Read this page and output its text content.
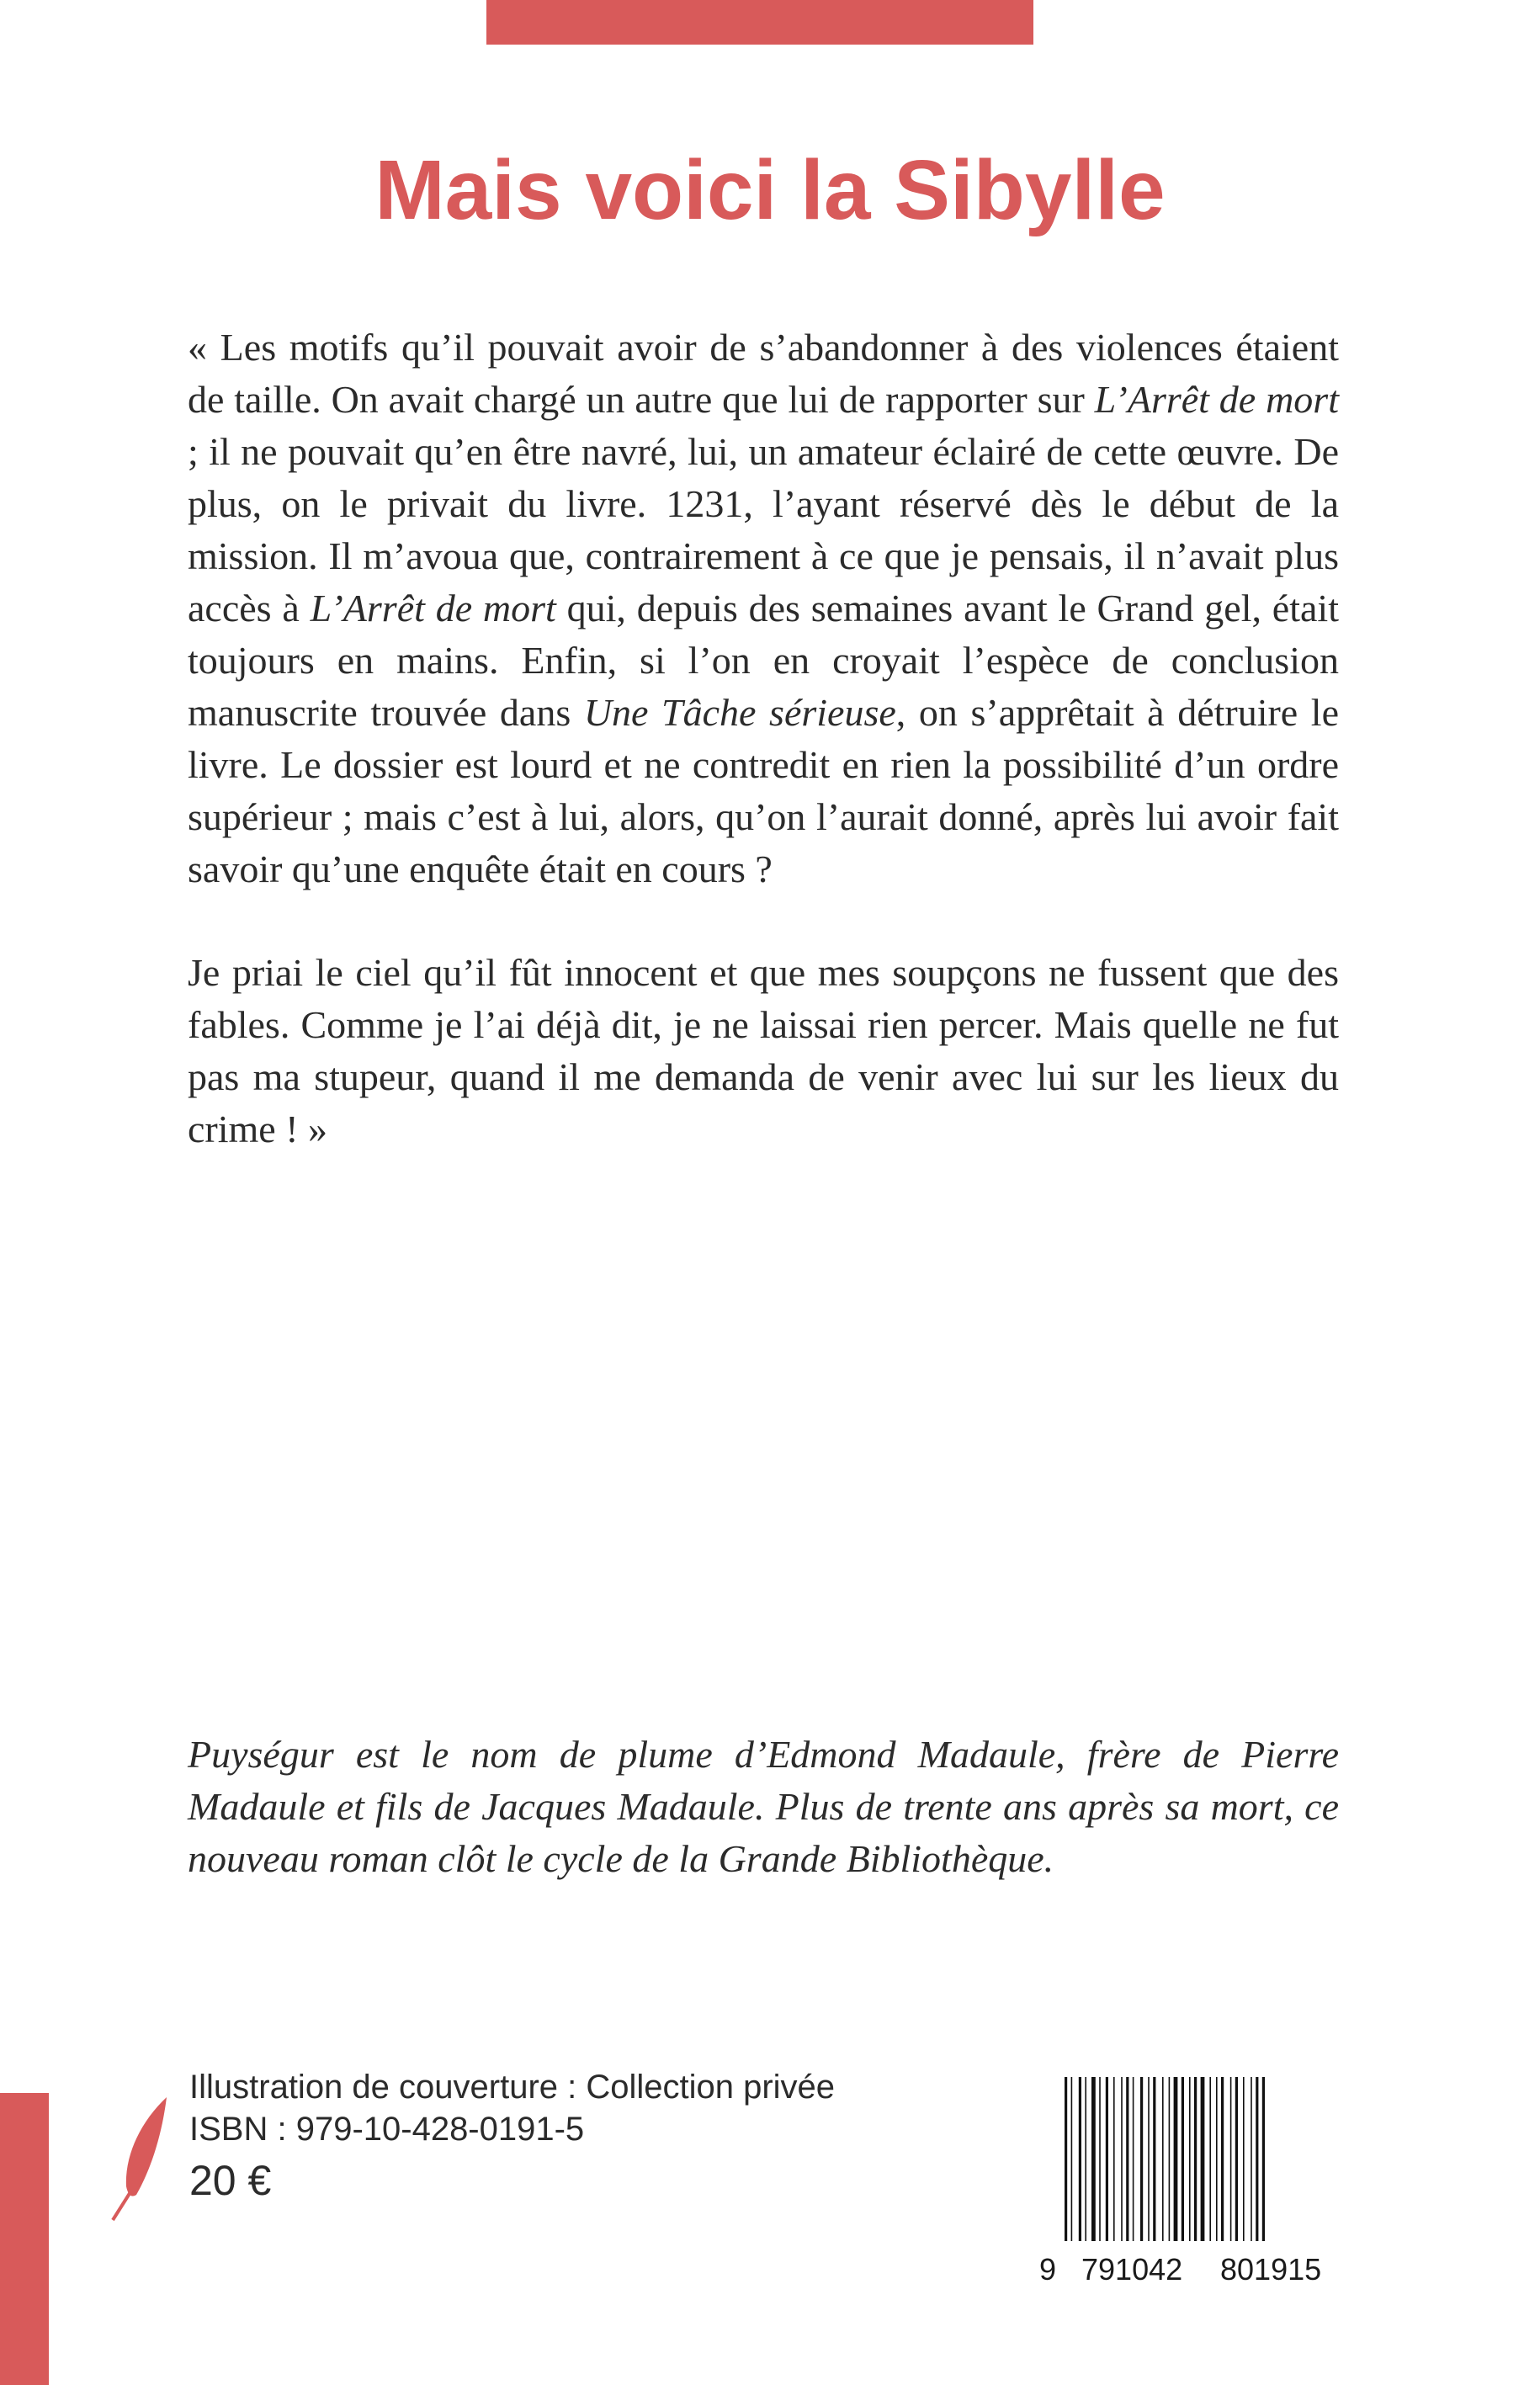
Mais voici la Sibylle

« Les motifs qu’il pouvait avoir de s’abandonner à des violences étaient de taille. On avait chargé un autre que lui de rapporter sur L’Arrêt de mort ; il ne pouvait qu’en être navré, lui, un amateur éclairé de cette œuvre. De plus, on le privait du livre. 1231, l’ayant réservé dès le début de la mission. Il m’avoua que, contrairement à ce que je pensais, il n’avait plus accès à L’Arrêt de mort qui, depuis des semaines avant le Grand gel, était toujours en mains. Enfin, si l’on en croyait l’espèce de conclusion manuscrite trouvée dans Une Tâche sérieuse, on s’apprêtait à détruire le livre. Le dossier est lourd et ne contredit en rien la possibilité d’un ordre supérieur ; mais c’est à lui, alors, qu’on l’aurait donné, après lui avoir fait savoir qu’une enquête était en cours ?

Je priai le ciel qu’il fût innocent et que mes soupçons ne fussent que des fables. Comme je l’ai déjà dit, je ne laissai rien percer. Mais quelle ne fut pas ma stupeur, quand il me demanda de venir avec lui sur les lieux du crime ! »

Puységur est le nom de plume d’Edmond Madaule, frère de Pierre Madaule et fils de Jacques Madaule. Plus de trente ans après sa mort, ce nouveau roman clôt le cycle de la Grande Bibliothèque.

Illustration de couverture : Collection privée
ISBN : 979-10-428-0191-5
20 €
9 791042 801915
